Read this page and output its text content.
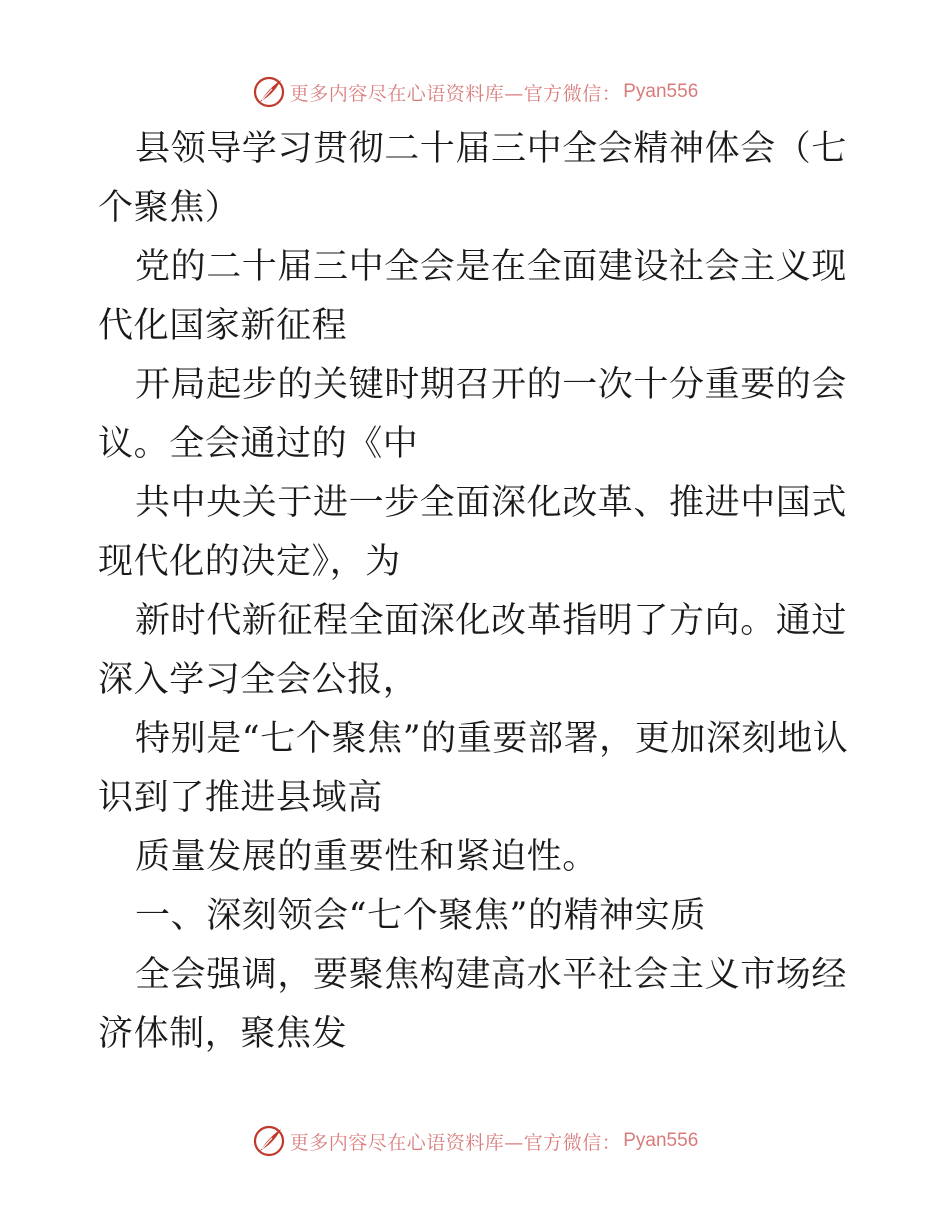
更多内容尽在心语资料库—官方微信： Pyan556

县领导学习贯彻二十届三中全会精神体会（七个聚焦）

党的二十届三中全会是在全面建设社会主义现代化国家新征程

开局起步的关键时期召开的一次十分重要的会议。全会通过的《中

共中央关于进一步全面深化改革、推进中国式现代化的决定》，为

新时代新征程全面深化改革指明了方向。通过深入学习全会公报，

特别是“七个聚焦”的重要部署，更加深刻地认识到了推进县域高

质量发展的重要性和紧迫性。

一、深刻领会“七个聚焦”的精神实质

全会强调，要聚焦构建高水平社会主义市场经济体制，聚焦发

更多内容尽在心语资料库—官方微信： Pyan556
